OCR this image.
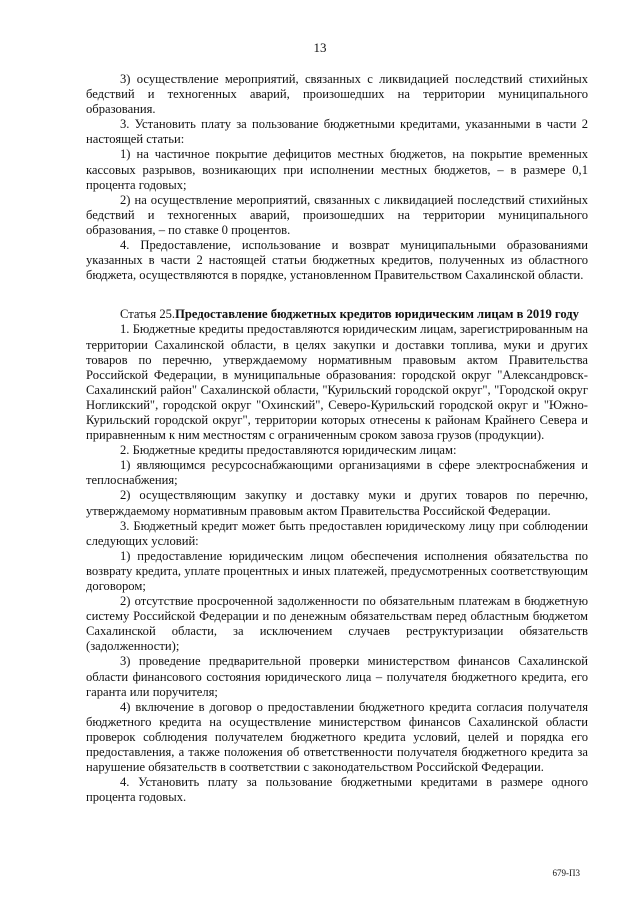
13

3) осуществление мероприятий, связанных с ликвидацией последствий стихийных бедствий и техногенных аварий, произошедших на территории муниципального образования.

3. Установить плату за пользование бюджетными кредитами, указанными в части 2 настоящей статьи:

1) на частичное покрытие дефицитов местных бюджетов, на покрытие временных кассовых разрывов, возникающих при исполнении местных бюджетов, – в размере 0,1 процента годовых;

2) на осуществление мероприятий, связанных с ликвидацией последствий стихийных бедствий и техногенных аварий, произошедших на территории муниципального образования, – по ставке 0 процентов.

4. Предоставление, использование и возврат муниципальными образованиями указанных в части 2 настоящей статьи бюджетных кредитов, полученных из областного бюджета, осуществляются в порядке, установленном Правительством Сахалинской области.

Статья 25. Предоставление бюджетных кредитов юридическим лицам в 2019 году

1. Бюджетные кредиты предоставляются юридическим лицам, зарегистрированным на территории Сахалинской области, в целях закупки и доставки топлива, муки и других товаров по перечню, утверждаемому нормативным правовым актом Правительства Российской Федерации, в муниципальные образования: городской округ "Александровск-Сахалинский район" Сахалинской области, "Курильский городской округ", "Городской округ Ногликский", городской округ "Охинский", Северо-Курильский городской округ и "Южно-Курильский городской округ", территории которых отнесены к районам Крайнего Севера и приравненным к ним местностям с ограниченным сроком завоза грузов (продукции).

2. Бюджетные кредиты предоставляются юридическим лицам:

1) являющимся ресурсоснабжающими организациями в сфере электроснабжения и теплоснабжения;

2) осуществляющим закупку и доставку муки и других товаров по перечню, утверждаемому нормативным правовым актом Правительства Российской Федерации.

3. Бюджетный кредит может быть предоставлен юридическому лицу при соблюдении следующих условий:

1) предоставление юридическим лицом обеспечения исполнения обязательства по возврату кредита, уплате процентных и иных платежей, предусмотренных соответствующим договором;

2) отсутствие просроченной задолженности по обязательным платежам в бюджетную систему Российской Федерации и по денежным обязательствам перед областным бюджетом Сахалинской области, за исключением случаев реструктуризации обязательств (задолженности);

3) проведение предварительной проверки министерством финансов Сахалинской области финансового состояния юридического лица – получателя бюджетного кредита, его гаранта или поручителя;

4) включение в договор о предоставлении бюджетного кредита согласия получателя бюджетного кредита на осуществление министерством финансов Сахалинской области проверок соблюдения получателем бюджетного кредита условий, целей и порядка его предоставления, а также положения об ответственности получателя бюджетного кредита за нарушение обязательств в соответствии с законодательством Российской Федерации.

4. Установить плату за пользование бюджетными кредитами в размере одного процента годовых.

679-П3
